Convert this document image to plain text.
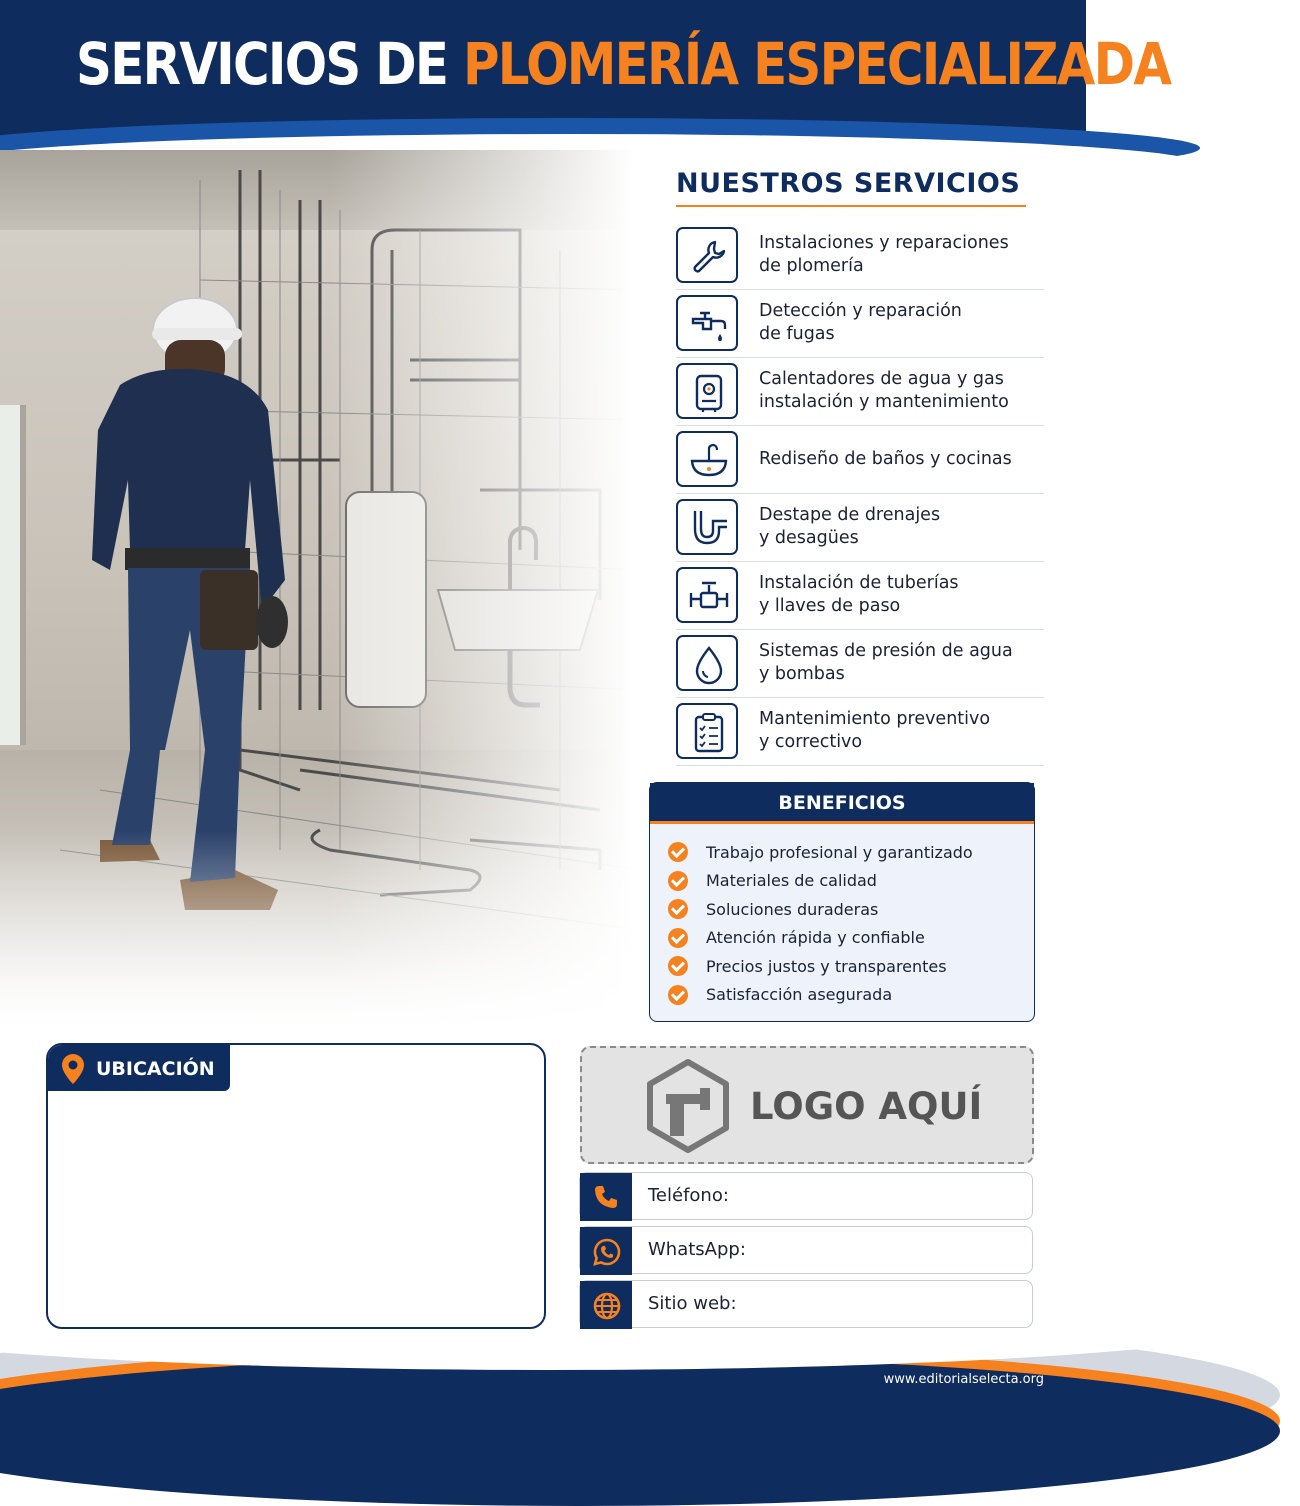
SERVICIOS DE PLOMERÍA ESPECIALIZADA
NUESTROS SERVICIOS
Instalaciones y reparaciones
de plomería
Detección y reparación
de fugas
Calentadores de agua y gas
instalación y mantenimiento
Rediseño de baños y cocinas
Destape de drenajes
y desagües
Instalación de tuberías
y llaves de paso
Sistemas de presión de agua
y bombas
Mantenimiento preventivo
y correctivo
BENEFICIOS
Trabajo profesional y garantizado
Materiales de calidad
Soluciones duraderas
Atención rápida y confiable
Precios justos y transparentes
Satisfacción asegurada
www.editorialselecta.org
UBICACIÓN
LOGO AQUÍ
Teléfono:
WhatsApp:
Sitio web:
